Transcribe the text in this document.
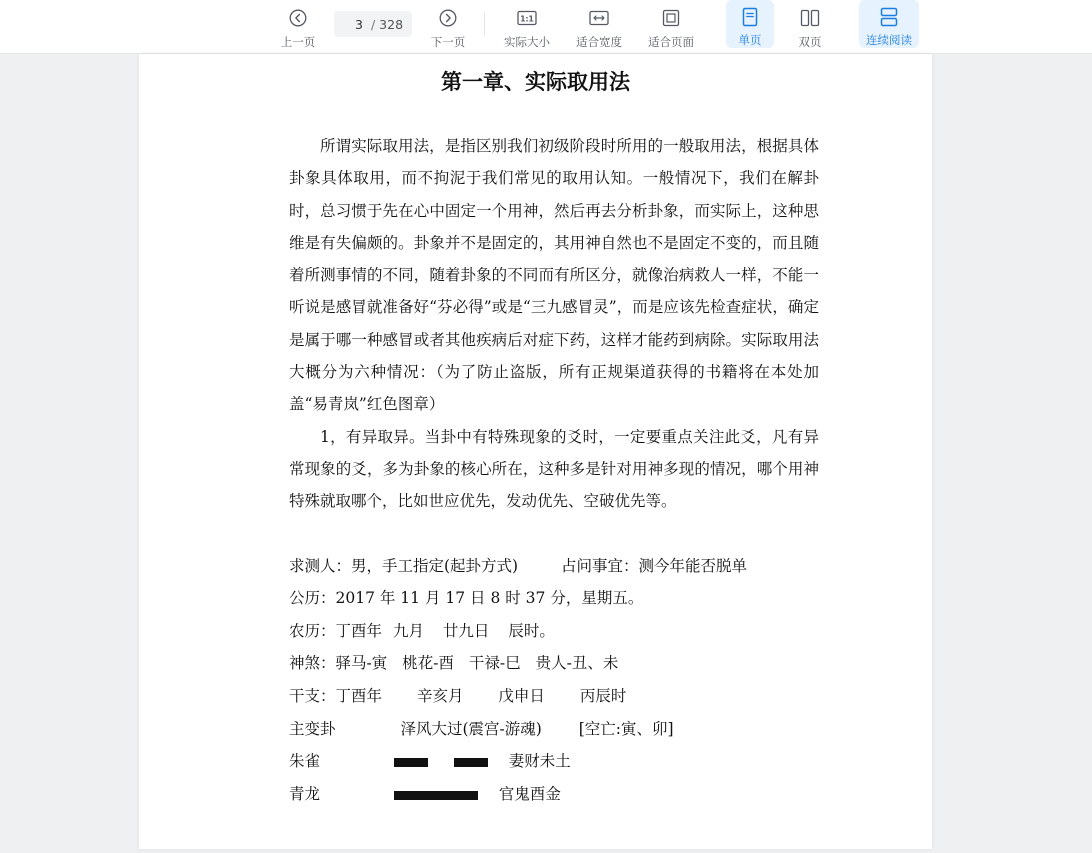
上一页
3 / 328
下一页
1:1
实际大小 适合宽度 适合页面	单页	双页	连续阅读
第一章、实际取用法

所谓实际取用法，是指区别我们初级阶段时所用的一般取用法，根据具体卦象具体取用，而不拘泥于我们常见的取用认知。一般情况下，我们在解卦时，总习惯于先在心中固定一个用神，然后再去分析卦象，而实际上，这种思维是有失偏颇的。卦象并不是固定的，其用神自然也不是固定不变的，而且随着所测事情的不同，随着卦象的不同而有所区分，就像治病救人一样，不能一听说是感冒就准备好“芬必得”或是“三九感冒灵”，而是应该先检查症状，确定是属于哪一种感冒或者其他疾病后对症下药，这样才能药到病除。实际取用法大概分为六种情况：（为了防止盗版，所有正规渠道获得的书籍将在本处加盖“易青岚”红色图章）

1，有异取异。当卦中有特殊现象的爻时，一定要重点关注此爻，凡有异常现象的爻，多为卦象的核心所在，这种多是针对用神多现的情况，哪个用神特殊就取哪个，比如世应优先，发动优先、空破优先等。

求测人：男，手工指定(起卦方式)	占问事宜：测今年能否脱单
公历：2017 年 11 月 17 日 8 时 37 分，星期五。
农历：丁酉年 九月 廿九日 辰时。
神煞：驿马-寅 桃花-酉 干禄-巳 贵人-丑、未
干支：丁酉年 辛亥月 戊申日 丙辰时
主变卦	泽风大过(震宫-游魂) [空亡:寅、卯]
朱雀	妻财未土
青龙	官鬼酉金
